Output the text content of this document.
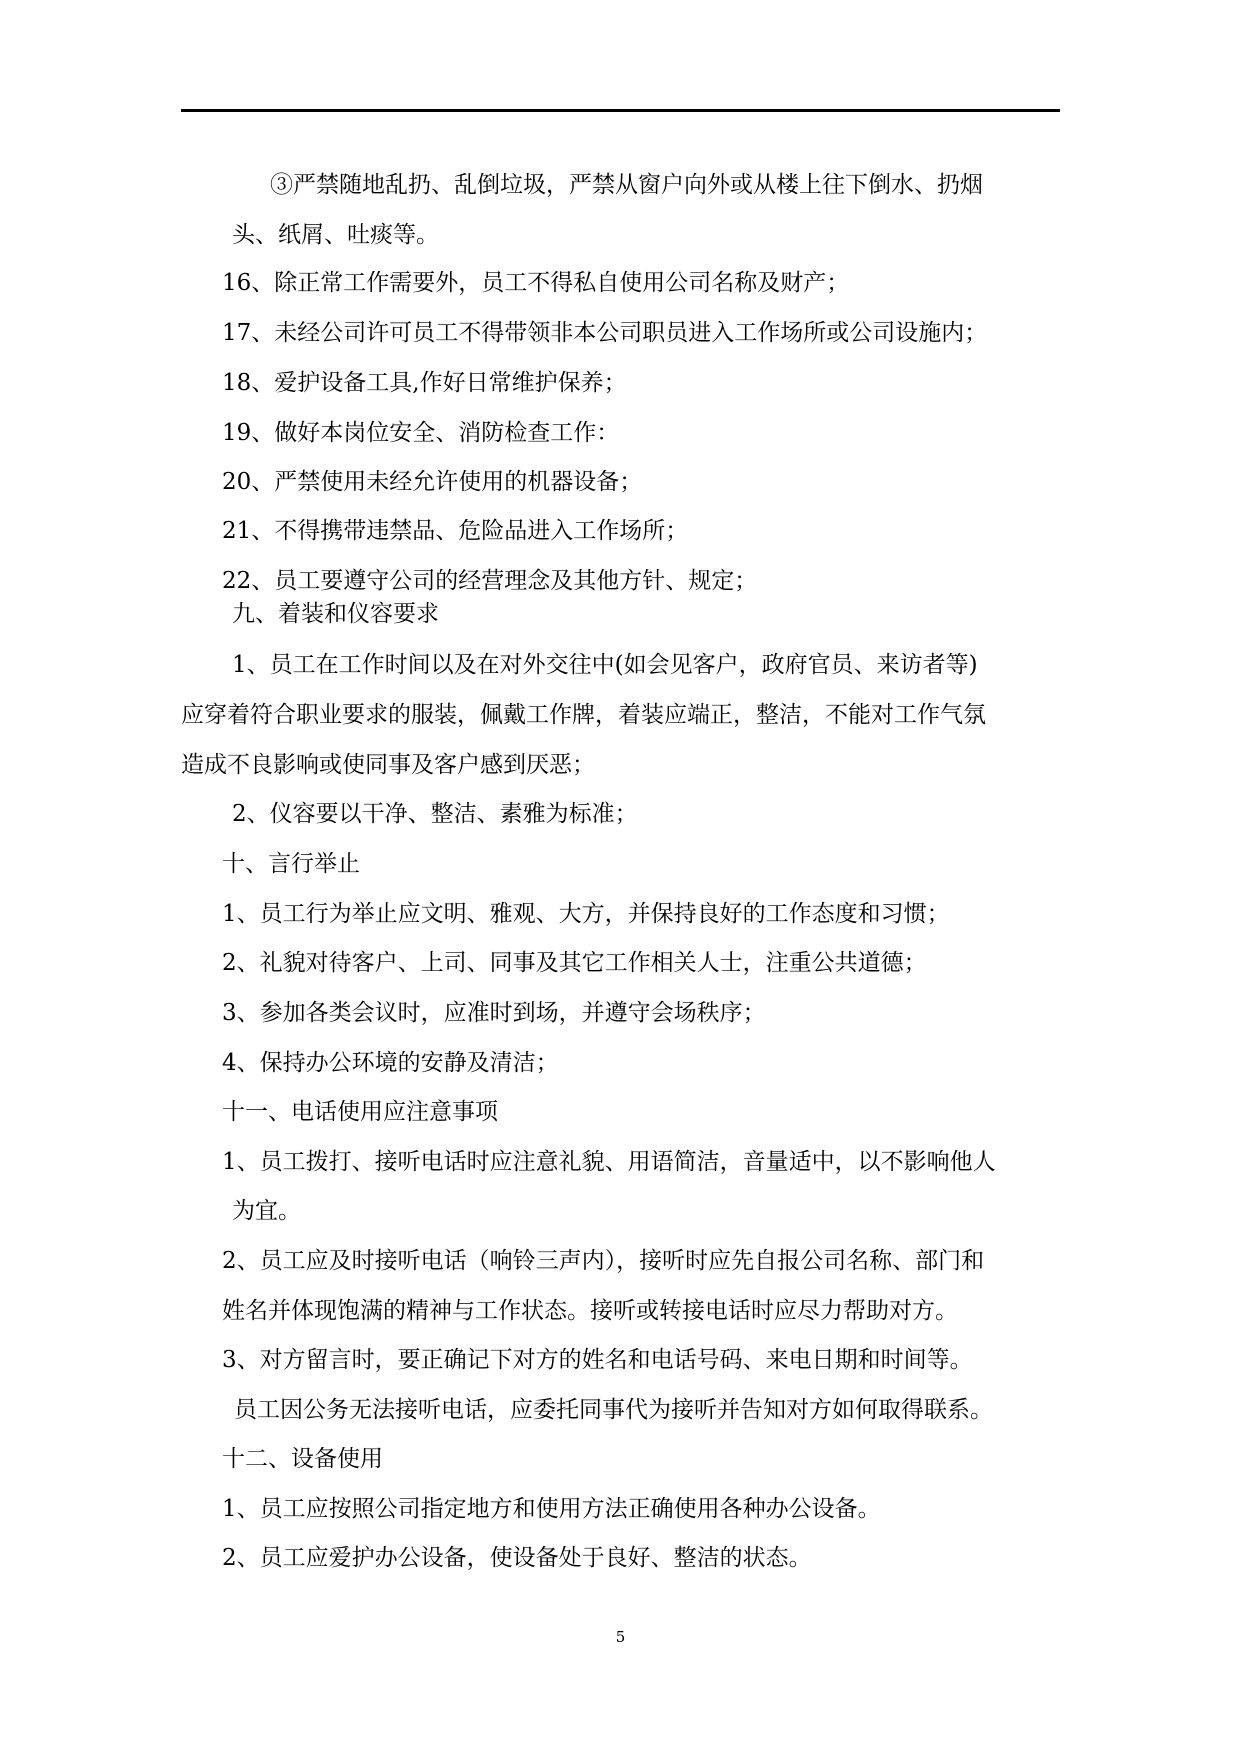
③严禁随地乱扔、乱倒垃圾，严禁从窗户向外或从楼上往下倒水、扔烟
头、纸屑、吐痰等。
16、除正常工作需要外，员工不得私自使用公司名称及财产；
17、未经公司许可员工不得带领非本公司职员进入工作场所或公司设施内；
18、爱护设备工具,作好日常维护保养；
19、做好本岗位安全、消防检查工作：
20、严禁使用未经允许使用的机器设备；
21、不得携带违禁品、危险品进入工作场所；
22、员工要遵守公司的经营理念及其他方针、规定；
九、着装和仪容要求
1、员工在工作时间以及在对外交往中(如会见客户，政府官员、来访者等)
应穿着符合职业要求的服装，佩戴工作牌，着装应端正，整洁，不能对工作气氛
造成不良影响或使同事及客户感到厌恶；
2、仪容要以干净、整洁、素雅为标准；
十、言行举止
1、员工行为举止应文明、雅观、大方，并保持良好的工作态度和习惯；
2、礼貌对待客户、上司、同事及其它工作相关人士，注重公共道德；
3、参加各类会议时，应准时到场，并遵守会场秩序；
4、保持办公环境的安静及清洁；
十一、电话使用应注意事项
1、员工拨打、接听电话时应注意礼貌、用语简洁，音量适中，以不影响他人
为宜。
2、员工应及时接听电话（响铃三声内），接听时应先自报公司名称、部门和
姓名并体现饱满的精神与工作状态。接听或转接电话时应尽力帮助对方。
3、对方留言时，要正确记下对方的姓名和电话号码、来电日期和时间等。
员工因公务无法接听电话，应委托同事代为接听并告知对方如何取得联系。
十二、设备使用
1、员工应按照公司指定地方和使用方法正确使用各种办公设备。
2、员工应爱护办公设备，使设备处于良好、整洁的状态。
5
